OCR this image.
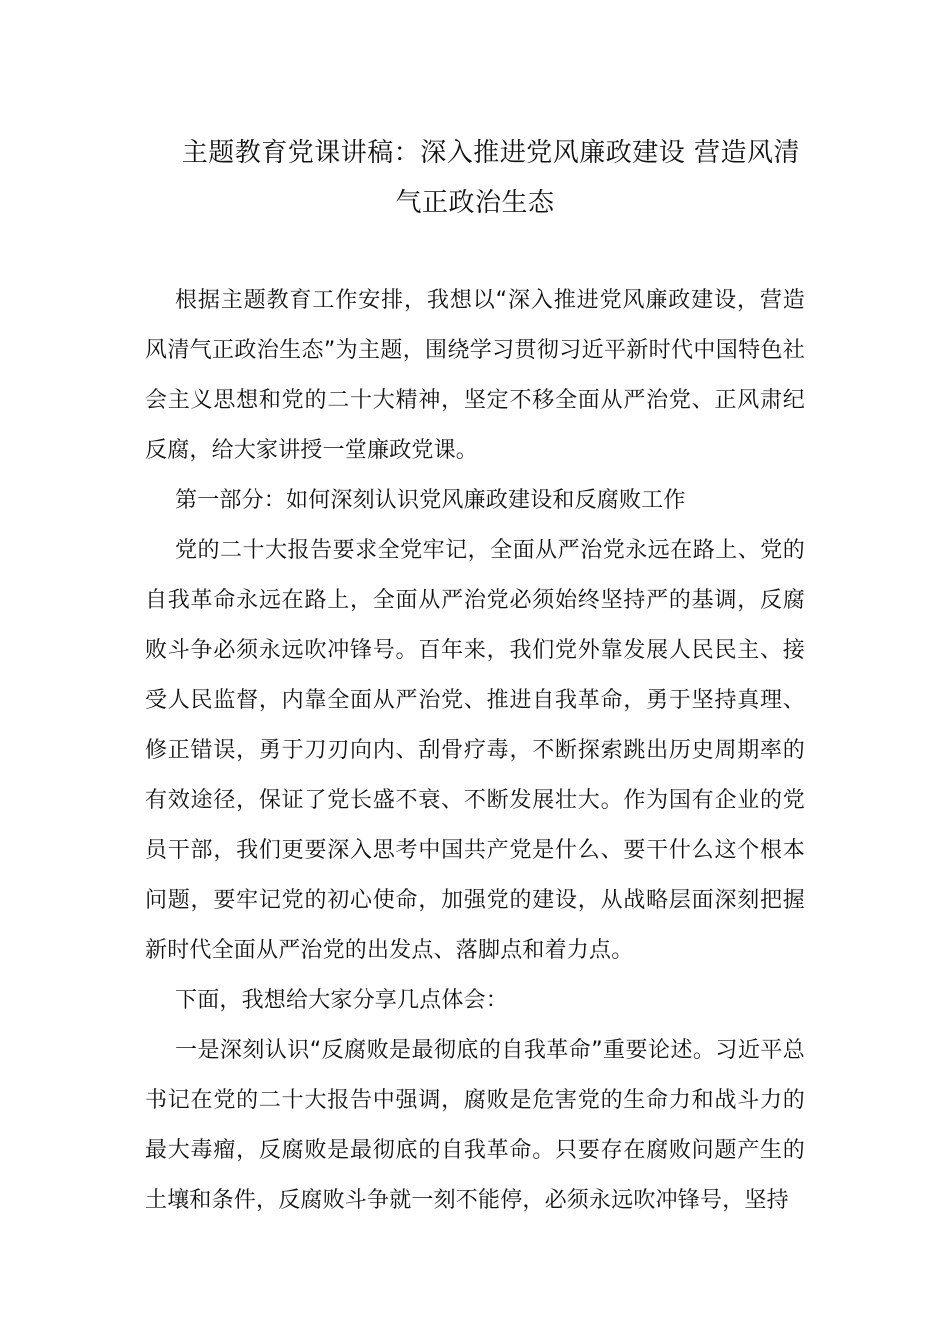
主题教育党课讲稿：深入推进党风廉政建设 营造风清
气正政治生态

根据主题教育工作安排，我想以“深入推进党风廉政建设，营造风清气正政治生态”为主题，围绕学习贯彻习近平新时代中国特色社会主义思想和党的二十大精神，坚定不移全面从严治党、正风肃纪反腐，给大家讲授一堂廉政党课。

第一部分：如何深刻认识党风廉政建设和反腐败工作

党的二十大报告要求全党牢记，全面从严治党永远在路上、党的自我革命永远在路上，全面从严治党必须始终坚持严的基调，反腐败斗争必须永远吹冲锋号。百年来，我们党外靠发展人民民主、接受人民监督，内靠全面从严治党、推进自我革命，勇于坚持真理、修正错误，勇于刀刃向内、刮骨疗毒，不断探索跳出历史周期率的有效途径，保证了党长盛不衰、不断发展壮大。作为国有企业的党员干部，我们更要深入思考中国共产党是什么、要干什么这个根本问题，要牢记党的初心使命，加强党的建设，从战略层面深刻把握新时代全面从严治党的出发点、落脚点和着力点。

下面，我想给大家分享几点体会：

一是深刻认识“反腐败是最彻底的自我革命”重要论述。习近平总书记在党的二十大报告中强调，腐败是危害党的生命力和战斗力的最大毒瘤，反腐败是最彻底的自我革命。只要存在腐败问题产生的土壤和条件，反腐败斗争就一刻不能停，必须永远吹冲锋号，坚持
